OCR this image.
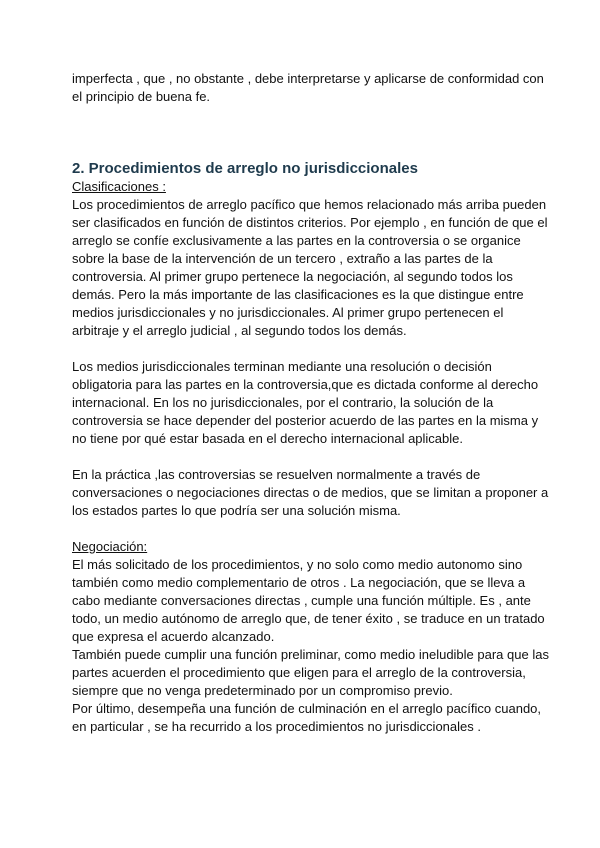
imperfecta , que , no obstante , debe interpretarse y aplicarse de conformidad con el principio de buena fe.

2. Procedimientos de arreglo no jurisdiccionales

Clasificaciones :

Los procedimientos de arreglo pacífico que hemos relacionado más arriba pueden ser clasificados en función de distintos criterios. Por ejemplo , en función de que el arreglo se confíe exclusivamente a las partes en la controversia o se organice sobre la base de la intervención de un tercero , extraño a las partes de la controversia. Al primer grupo pertenece la negociación, al segundo todos los demás. Pero la más importante de las clasificaciones es la que distingue entre medios jurisdiccionales y no jurisdiccionales. Al primer grupo pertenecen el arbitraje y el arreglo judicial , al segundo todos los demás.

Los medios jurisdiccionales terminan mediante una resolución o decisión obligatoria para las partes en la controversia,que es dictada conforme al derecho internacional. En los no jurisdiccionales, por el contrario, la solución de la controversia se hace depender del posterior acuerdo de las partes en la misma y no tiene por qué estar basada en el derecho internacional aplicable.

En la práctica ,las controversias se resuelven normalmente a través de conversaciones o negociaciones directas o de medios, que se limitan a proponer a los estados partes lo que podría ser una solución misma.

Negociación:

El más solicitado de los procedimientos, y no solo como medio autonomo sino también como medio complementario de otros . La negociación, que se lleva a cabo mediante conversaciones directas , cumple una función múltiple. Es , ante todo, un medio autónomo de arreglo que, de tener éxito , se traduce en un tratado que expresa el acuerdo alcanzado.

También puede cumplir una función preliminar, como medio ineludible para que las partes acuerden el procedimiento que eligen para el arreglo de la controversia, siempre que no venga predeterminado por un compromiso previo.

Por último, desempeña una función de culminación en el arreglo pacífico cuando, en particular , se ha recurrido a los procedimientos no jurisdiccionales .
